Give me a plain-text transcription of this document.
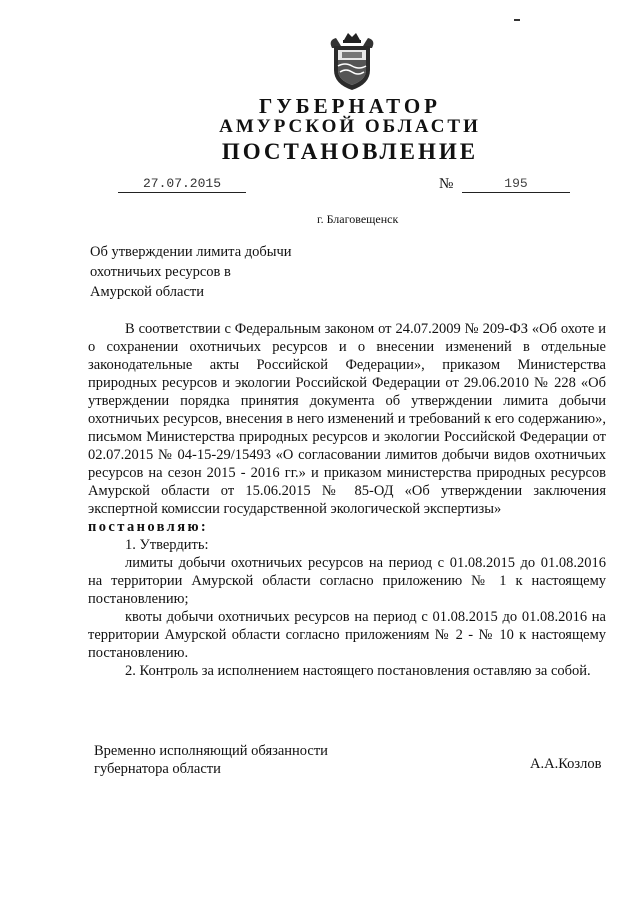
ГУБЕРНАТОР
АМУРСКОЙ ОБЛАСТИ
ПОСТАНОВЛЕНИЕ
27.07.2015	№	195
г. Благовещенск
Об утверждении лимита добычи
охотничьих ресурсов в
Амурской области

В соответствии с Федеральным законом от 24.07.2009 № 209-ФЗ «Об охоте и о сохранении охотничьих ресурсов и о внесении изменений в отдельные законодательные акты Российской Федерации», приказом Министерства природных ресурсов и экологии Российской Федерации от 29.06.2010 № 228 «Об утверждении порядка принятия документа об утверждении лимита добычи охотничьих ресурсов, внесения в него изменений и требований к его содержанию», письмом Министерства природных ресурсов и экологии Российской Федерации от 02.07.2015 № 04-15-29/15493 «О согласовании лимитов добычи видов охотничьих ресурсов на сезон 2015 - 2016 гг.» и приказом министерства природных ресурсов Амурской области от 15.06.2015 № 85-ОД «Об утверждении заключения экспертной комиссии государственной экологической экспертизы»

постановляю:

1. Утвердить:

лимиты добычи охотничьих ресурсов на период с 01.08.2015 до 01.08.2016 на территории Амурской области согласно приложению № 1 к настоящему постановлению;

квоты добычи охотничьих ресурсов на период с 01.08.2015 до 01.08.2016 на территории Амурской области согласно приложениям № 2 - № 10 к настоящему постановлению.

2. Контроль за исполнением настоящего постановления оставляю за собой.

Временно исполняющий обязанности
губернатора области	А.А.Козлов
